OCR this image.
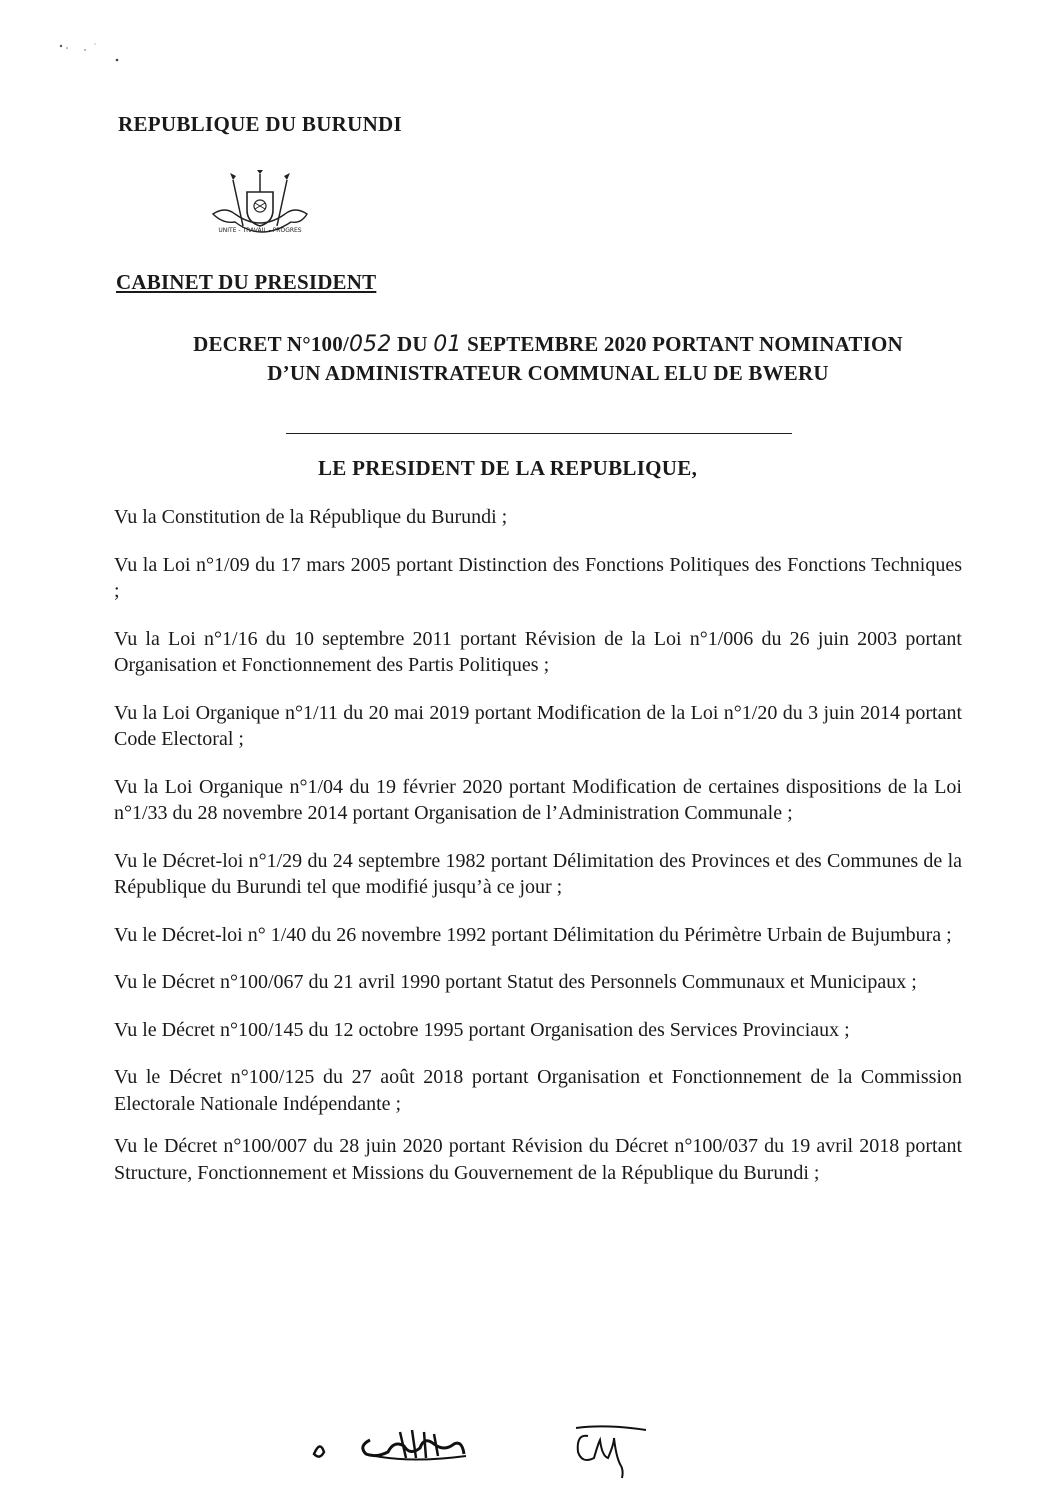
REPUBLIQUE DU BURUNDI
UNITE - TRAVAIL - PROGRES
CABINET DU PRESIDENT
DECRET N°100/052 DU 01 SEPTEMBRE 2020 PORTANT NOMINATION
D’UN ADMINISTRATEUR COMMUNAL ELU DE BWERU
LE PRESIDENT DE LA REPUBLIQUE,

Vu la Constitution de la République du Burundi ;

Vu la Loi n°1/09 du 17 mars 2005 portant Distinction des Fonctions Politiques des Fonctions Techniques ;

Vu la Loi n°1/16 du 10 septembre 2011 portant Révision de la Loi n°1/006 du 26 juin 2003 portant Organisation et Fonctionnement des Partis Politiques ;

Vu la Loi Organique n°1/11 du 20 mai 2019 portant Modification de la Loi n°1/20 du 3 juin 2014 portant Code Electoral ;

Vu la Loi Organique n°1/04 du 19 février 2020 portant Modification de certaines dispositions de la Loi n°1/33 du 28 novembre 2014 portant Organisation de l’Administration Communale ;

Vu le Décret-loi n°1/29 du 24 septembre 1982 portant Délimitation des Provinces et des Communes de la République du Burundi tel que modifié jusqu’à ce jour ;

Vu le Décret-loi n° 1/40 du 26 novembre 1992 portant Délimitation du Périmètre Urbain de Bujumbura ;

Vu le Décret n°100/067 du 21 avril 1990 portant Statut des Personnels Communaux et Municipaux ;

Vu le Décret n°100/145 du 12 octobre 1995 portant Organisation des Services Provinciaux ;

Vu le Décret n°100/125 du 27 août 2018 portant Organisation et Fonctionnement de la Commission Electorale Nationale Indépendante ;

Vu le Décret n°100/007 du 28 juin 2020 portant Révision du Décret n°100/037 du 19 avril 2018 portant Structure, Fonctionnement et Missions du Gouvernement de la République du Burundi ;
